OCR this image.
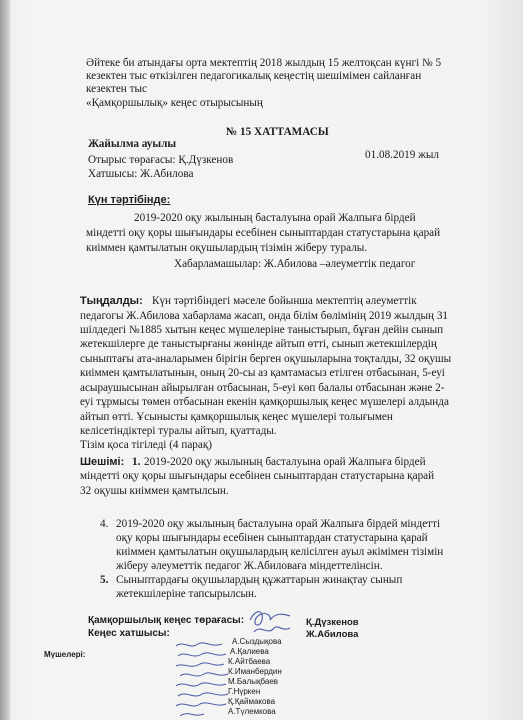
Әйтеке би атындағы орта мектептің 2018 жылдың 15 желтоқсан күнгі № 5
кезектен тыс өткізілген педагогикалық кеңестің шешімімен сайланған
кезектен тыс
«Қамқоршылық» кеңес отырысының
№ 15 ХАТТАМАСЫ
Жайылма ауылы
01.08.2019 жыл
Отырыс төрағасы: Қ.Дүзкенов
Хатшысы: Ж.Абилова
Күн тәртібінде:
2019-2020 оқу жылының басталуына орай Жалпыға бірдей
міндетті оқу қоры шығындары есебінен сыныптардан статустарына қарай
киіммен қамтылатын оқушылардың тізімін жіберу туралы.
Хабарламашылар: Ж.Абилова –әлеуметтік педагог
Тыңдалды: Күн тәртібіндегі мәселе бойынша мектептің әлеуметтік
педагогы Ж.Абилова хабарлама жасап, онда білім бөлімінің 2019 жылдың 31
шілдедегі №1885 хытын кеңес мүшелеріне таныстырып, бұған дейін сынып
жетекшілерге де таныстырғаны жөнінде айтып өтті, сынып жетекшілердің
сыныптағы ата-аналарымен бірігін берген оқушыларына тоқталды, 32 оқушы
киіммен қамтылатынын, оның 20-сы аз қамтамасыз етілген отбасынан, 5-еуі
асыраушысынан айырылған отбасынан, 5-еуі көп балалы отбасынан және 2-
еуі тұрмысы төмен отбасынан екенін қамқоршылық кеңес мүшелері алдында
айтып өтті. Ұсынысты қамқоршылық кеңес мүшелері толығымен
келісетіндіктері туралы айтып, қуаттады.
Тізім қоса тігіледі (4 парақ)
Шешімі: 1. 2019-2020 оқу жылының басталуына орай Жалпыға бірдей
міндетті оқу қоры шығындары есебінен сыныптардан статустарына қарай
32 оқушы киіммен қамтылсын.
4. 2019-2020 оқу жылының басталуына орай Жалпыға бірдей міндетті
оқу қоры шығындары есебінен сыныптардан статустарына қарай
киіммен қамтылатын оқушылардың келісілген ауыл әкімімен тізімін
жіберу әлеуметтік педагог Ж.Абиловаға міндеттелінсін.
5. Сыныптардағы оқушылардың құжаттарын жинақтау сынып
жетекшілеріне тапсырылсын.
Қамқоршылық кеңес төрағасы:	Қ.Дүзкенов
Кеңес хатшысы:	Ж.Абилова
Мүшелері:
А.Сыздықова
А.Қалиева
К.Айтбаева
К.Иманбердин
М.Балықбаев
Г.Нүркен
Қ.Қаймакова
А.Түлемкова
